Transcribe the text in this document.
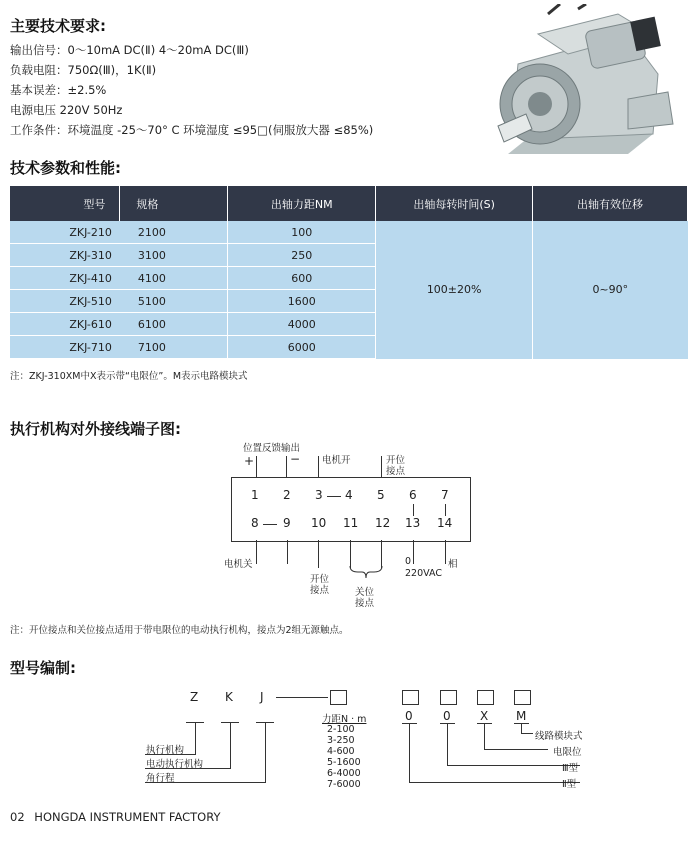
主要技术要求:
输出信号：0～10mA DC(Ⅱ) 4～20mA DC(Ⅲ)
负载电阻：750Ω(Ⅲ)，1K(Ⅱ)
基本误差：±2.5%
电源电压 220V 50Hz
工作条件：环境温度 -25～70° C 环境湿度 ≤95□(伺服放大器 ≤85%)
技术参数和性能:
型号	规格	出轴力距NM	出轴每转时间(S)	出轴有效位移
ZKJ-210	2100	100	100±20%	0~90°
ZKJ-310	3100	250		
ZKJ-410	4100	600		
ZKJ-510	5100	1600		
ZKJ-610	6100	4000		
ZKJ-710	7100	6000		
注：ZKJ-310XM中X表示带“电限位”。M表示电路模块式
执行机构对外接线端子图:
位置反馈输出
+	− 电机开	开位
接点
1 2 3 4 5 6 7
8 9 10 11 12 13 14
电机关
开位
接点	关位
接点
0	相
220VAC
注：开位接点和关位接点适用于带电限位的电动执行机构，接点为2组无源触点。
型号编制:
Z K J
执行机构
电动执行机构
角行程
力距N · m
2-100
3-250
4-600
5-1600
6-4000
7-6000
0	0 X M
线路模块式
电限位
Ⅲ型
Ⅱ型
02 HONGDA INSTRUMENT FACTORY
